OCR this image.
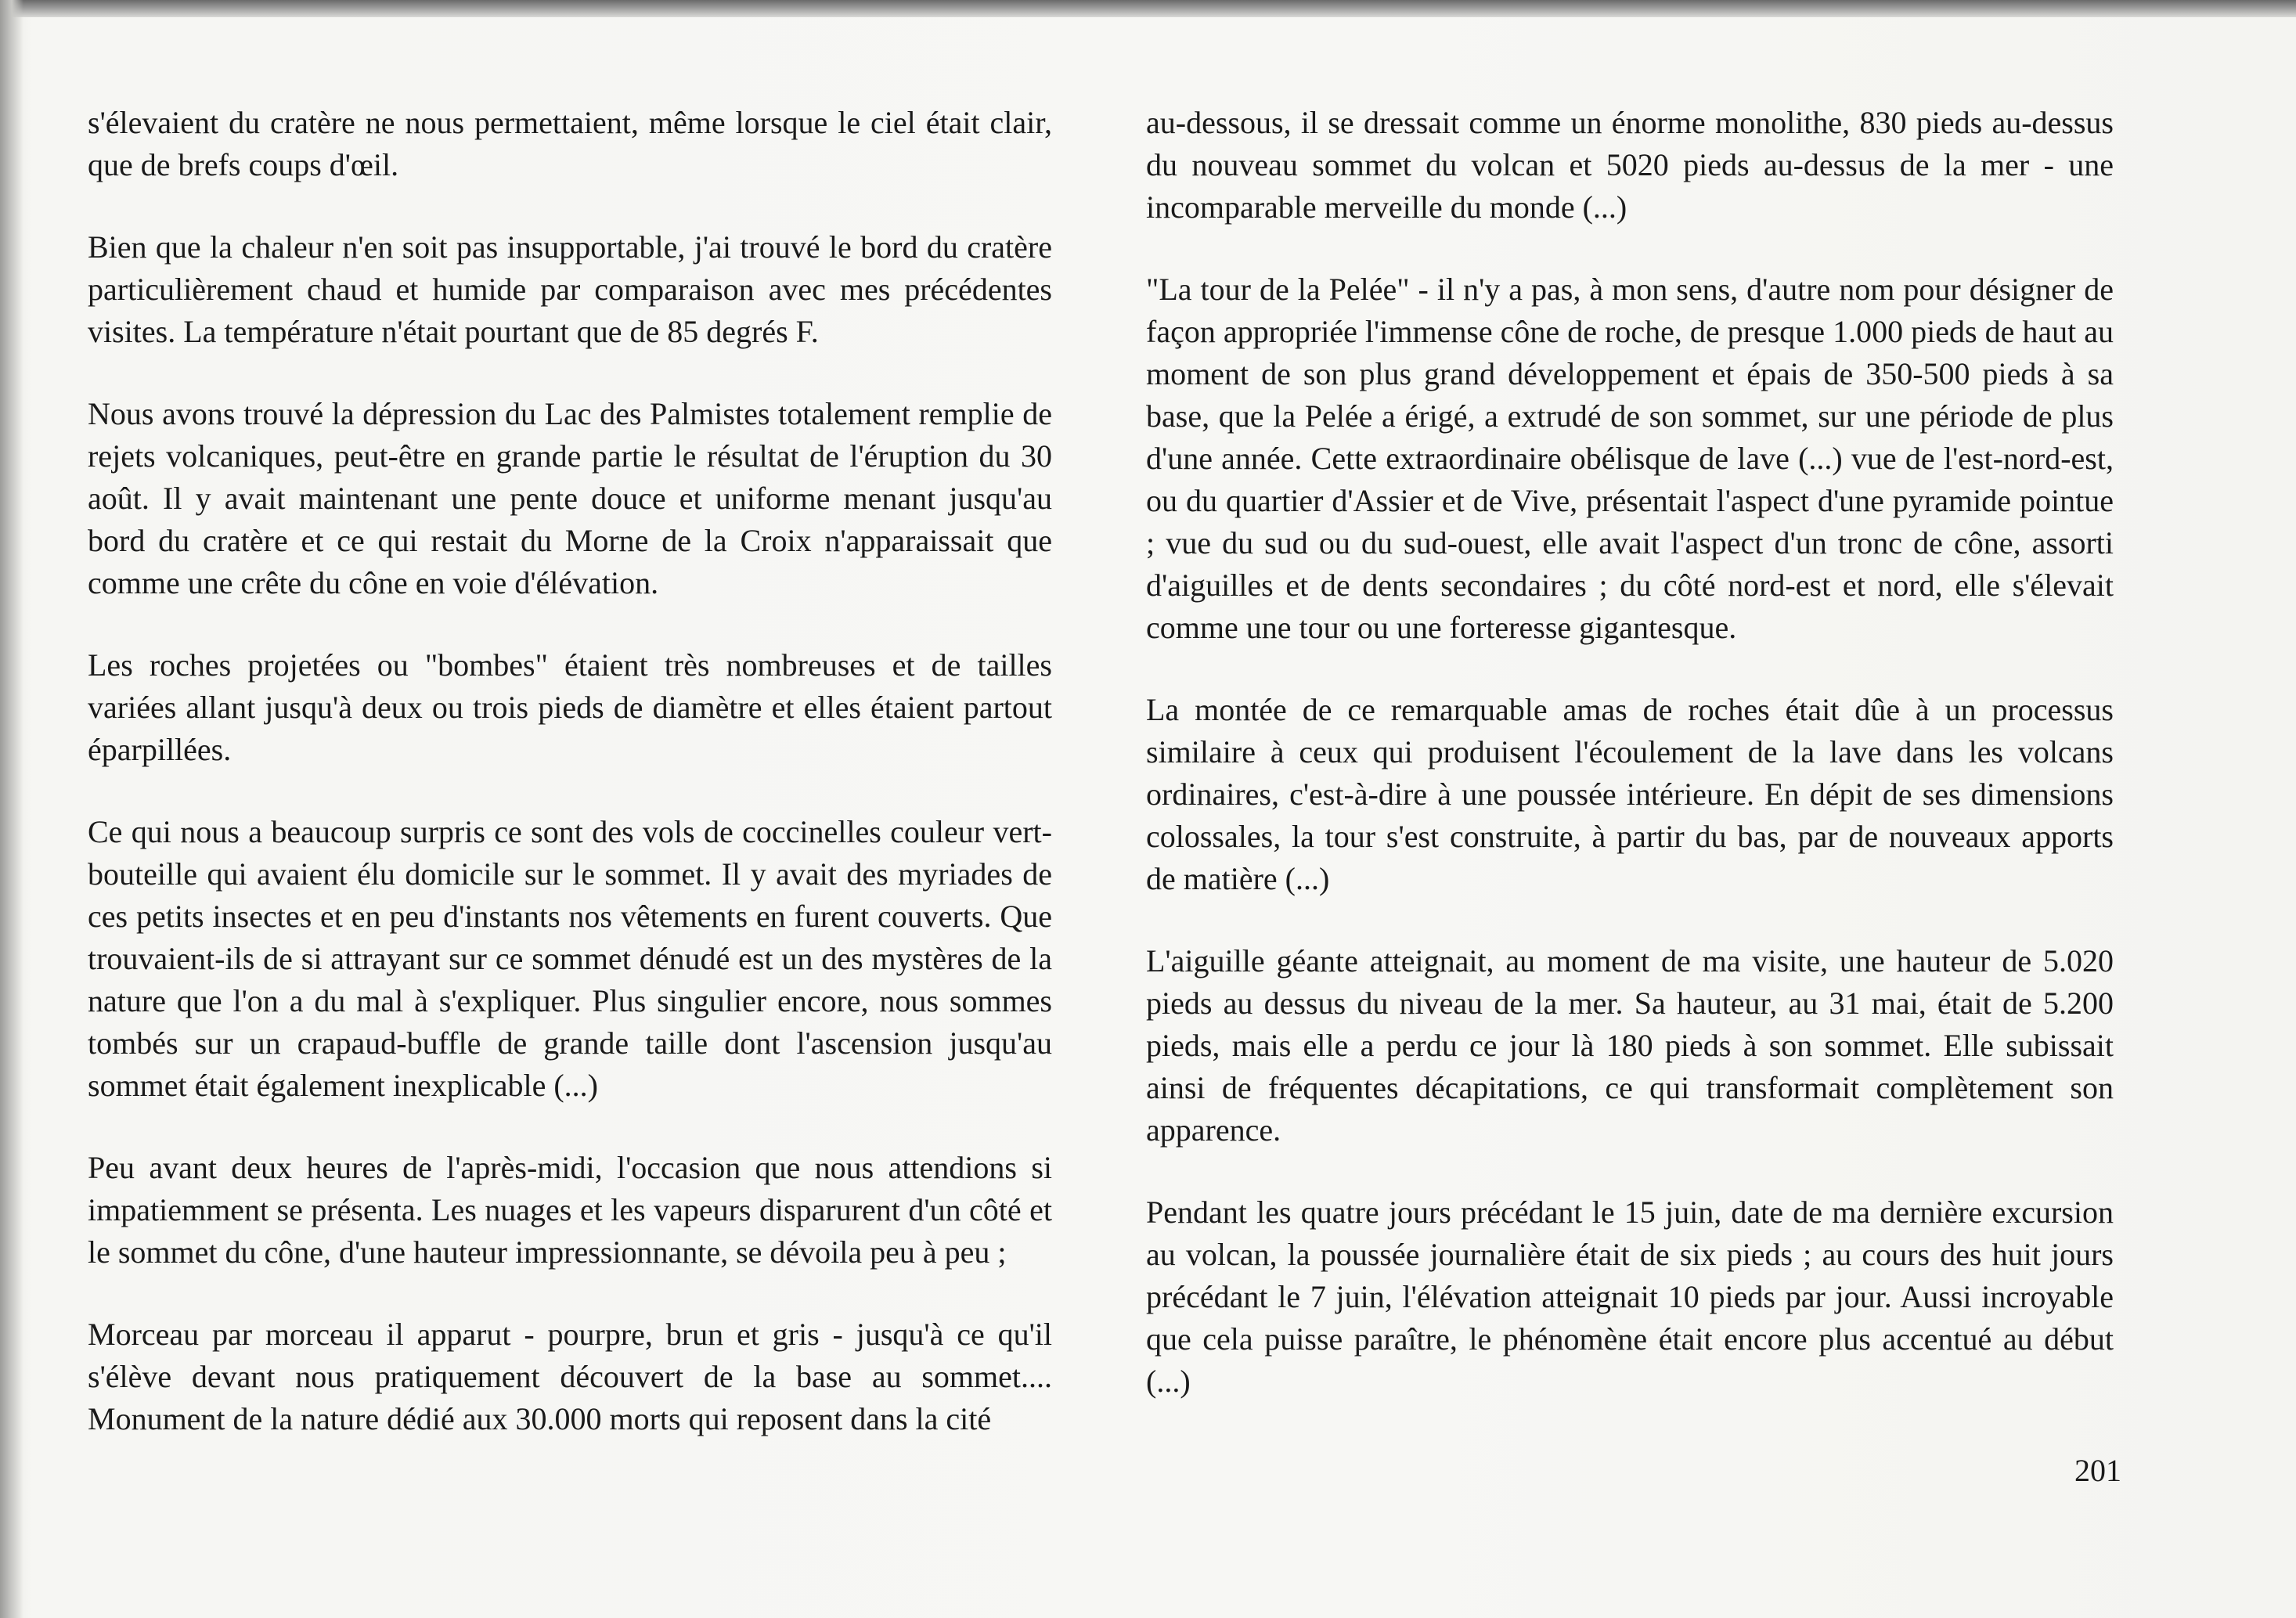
s'élevaient du cratère ne nous permettaient, même lorsque le ciel était clair, que de brefs coups d'œil.

Bien que la chaleur n'en soit pas insupportable, j'ai trouvé le bord du cratère particulièrement chaud et humide par comparaison avec mes précédentes visites. La température n'était pourtant que de 85 degrés F.

Nous avons trouvé la dépression du Lac des Palmistes totalement remplie de rejets volcaniques, peut-être en grande partie le résultat de l'éruption du 30 août. Il y avait maintenant une pente douce et uniforme menant jusqu'au bord du cratère et ce qui restait du Morne de la Croix n'apparaissait que comme une crête du cône en voie d'élévation.

Les roches projetées ou "bombes" étaient très nombreuses et de tailles variées allant jusqu'à deux ou trois pieds de diamètre et elles étaient partout éparpillées.

Ce qui nous a beaucoup surpris ce sont des vols de coccinelles couleur vert-bouteille qui avaient élu domicile sur le sommet. Il y avait des myriades de ces petits insectes et en peu d'instants nos vêtements en furent couverts. Que trouvaient-ils de si attrayant sur ce sommet dénudé est un des mystères de la nature que l'on a du mal à s'expliquer. Plus singulier encore, nous sommes tombés sur un crapaud-buffle de grande taille dont l'ascension jusqu'au sommet était également inexplicable (...)

Peu avant deux heures de l'après-midi, l'occasion que nous attendions si impatiemment se présenta. Les nuages et les vapeurs disparurent d'un côté et le sommet du cône, d'une hauteur impressionnante, se dévoila peu à peu ;

Morceau par morceau il apparut - pourpre, brun et gris - jusqu'à ce qu'il s'élève devant nous pratiquement découvert de la base au sommet.... Monument de la nature dédié aux 30.000 morts qui reposent dans la cité

au-dessous, il se dressait comme un énorme monolithe, 830 pieds au-dessus du nouveau sommet du volcan et 5020 pieds au-dessus de la mer - une incomparable merveille du monde (...)

"La tour de la Pelée" - il n'y a pas, à mon sens, d'autre nom pour désigner de façon appropriée l'immense cône de roche, de presque 1.000 pieds de haut au moment de son plus grand développement et épais de 350-500 pieds à sa base, que la Pelée a érigé, a extrudé de son sommet, sur une période de plus d'une année. Cette extraordinaire obélisque de lave (...) vue de l'est-nord-est, ou du quartier d'Assier et de Vive, présentait l'aspect d'une pyramide pointue ; vue du sud ou du sud-ouest, elle avait l'aspect d'un tronc de cône, assorti d'aiguilles et de dents secondaires ; du côté nord-est et nord, elle s'élevait comme une tour ou une forteresse gigantesque.

La montée de ce remarquable amas de roches était dûe à un processus similaire à ceux qui produisent l'écoulement de la lave dans les volcans ordinaires, c'est-à-dire à une poussée intérieure. En dépit de ses dimensions colossales, la tour s'est construite, à partir du bas, par de nouveaux apports de matière (...)

L'aiguille géante atteignait, au moment de ma visite, une hauteur de 5.020 pieds au dessus du niveau de la mer. Sa hauteur, au 31 mai, était de 5.200 pieds, mais elle a perdu ce jour là 180 pieds à son sommet. Elle subissait ainsi de fréquentes décapitations, ce qui transformait complètement son apparence.

Pendant les quatre jours précédant le 15 juin, date de ma dernière excursion au volcan, la poussée journalière était de six pieds ; au cours des huit jours précédant le 7 juin, l'élévation atteignait 10 pieds par jour. Aussi incroyable que cela puisse paraître, le phénomène était encore plus accentué au début (...)

201
